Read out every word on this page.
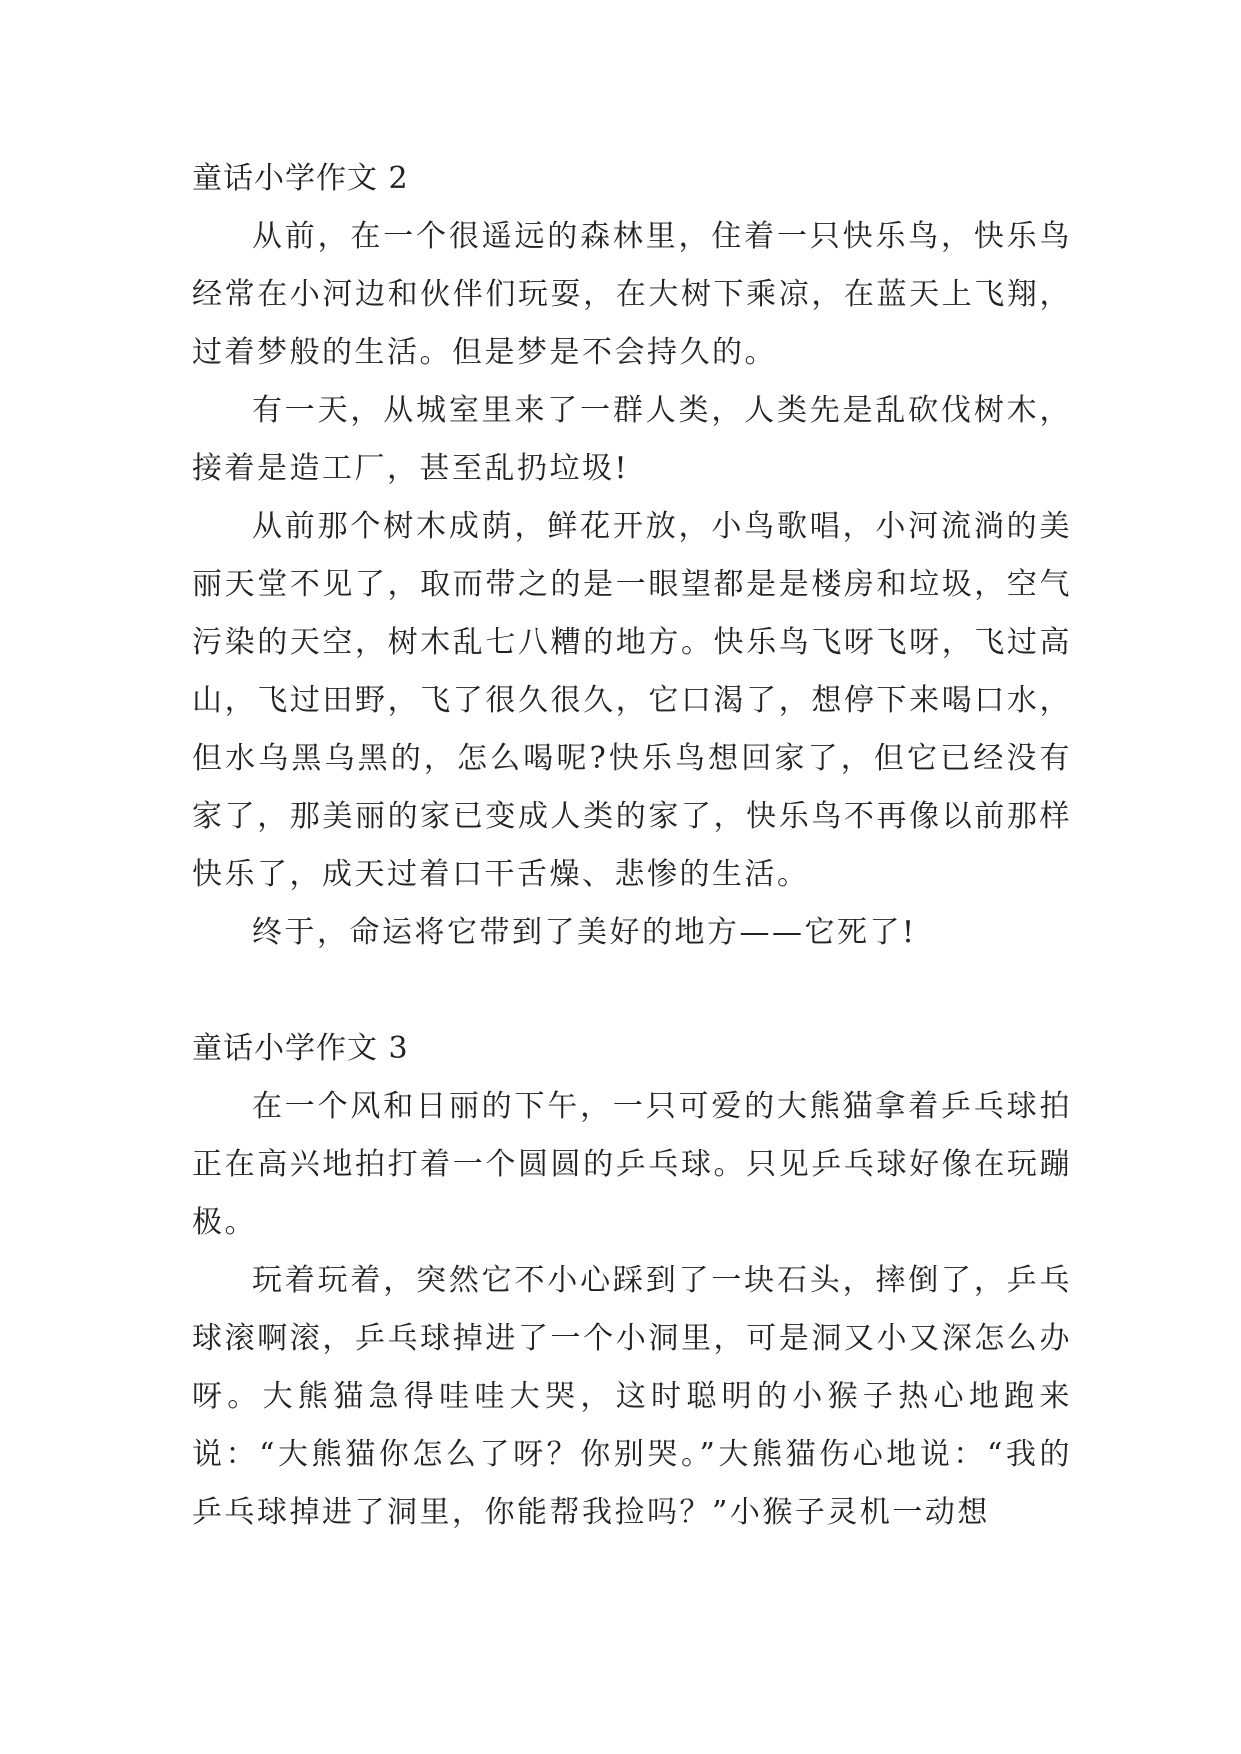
童话小学作文 2

从前，在一个很遥远的森林里，住着一只快乐鸟，快乐鸟经常在小河边和伙伴们玩耍，在大树下乘凉，在蓝天上飞翔，过着梦般的生活。但是梦是不会持久的。

有一天，从城室里来了一群人类，人类先是乱砍伐树木，接着是造工厂，甚至乱扔垃圾!

从前那个树木成荫，鲜花开放，小鸟歌唱，小河流淌的美丽天堂不见了，取而带之的是一眼望都是是楼房和垃圾，空气污染的天空，树木乱七八糟的地方。快乐鸟飞呀飞呀，飞过高山，飞过田野，飞了很久很久，它口渴了，想停下来喝口水，但水乌黑乌黑的，怎么喝呢?快乐鸟想回家了，但它已经没有家了，那美丽的家已变成人类的家了，快乐鸟不再像以前那样快乐了，成天过着口干舌燥、悲惨的生活。

终于，命运将它带到了美好的地方——它死了!

童话小学作文 3

在一个风和日丽的下午，一只可爱的大熊猫拿着乒乓球拍正在高兴地拍打着一个圆圆的乒乓球。只见乒乓球好像在玩蹦极。

玩着玩着，突然它不小心踩到了一块石头，摔倒了，乒乓球滚啊滚，乒乓球掉进了一个小洞里，可是洞又小又深怎么办呀。大熊猫急得哇哇大哭，这时聪明的小猴子热心地跑来说：“大熊猫你怎么了呀？你别哭。”大熊猫伤心地说：“我的乒乓球掉进了洞里，你能帮我捡吗？”小猴子灵机一动想
